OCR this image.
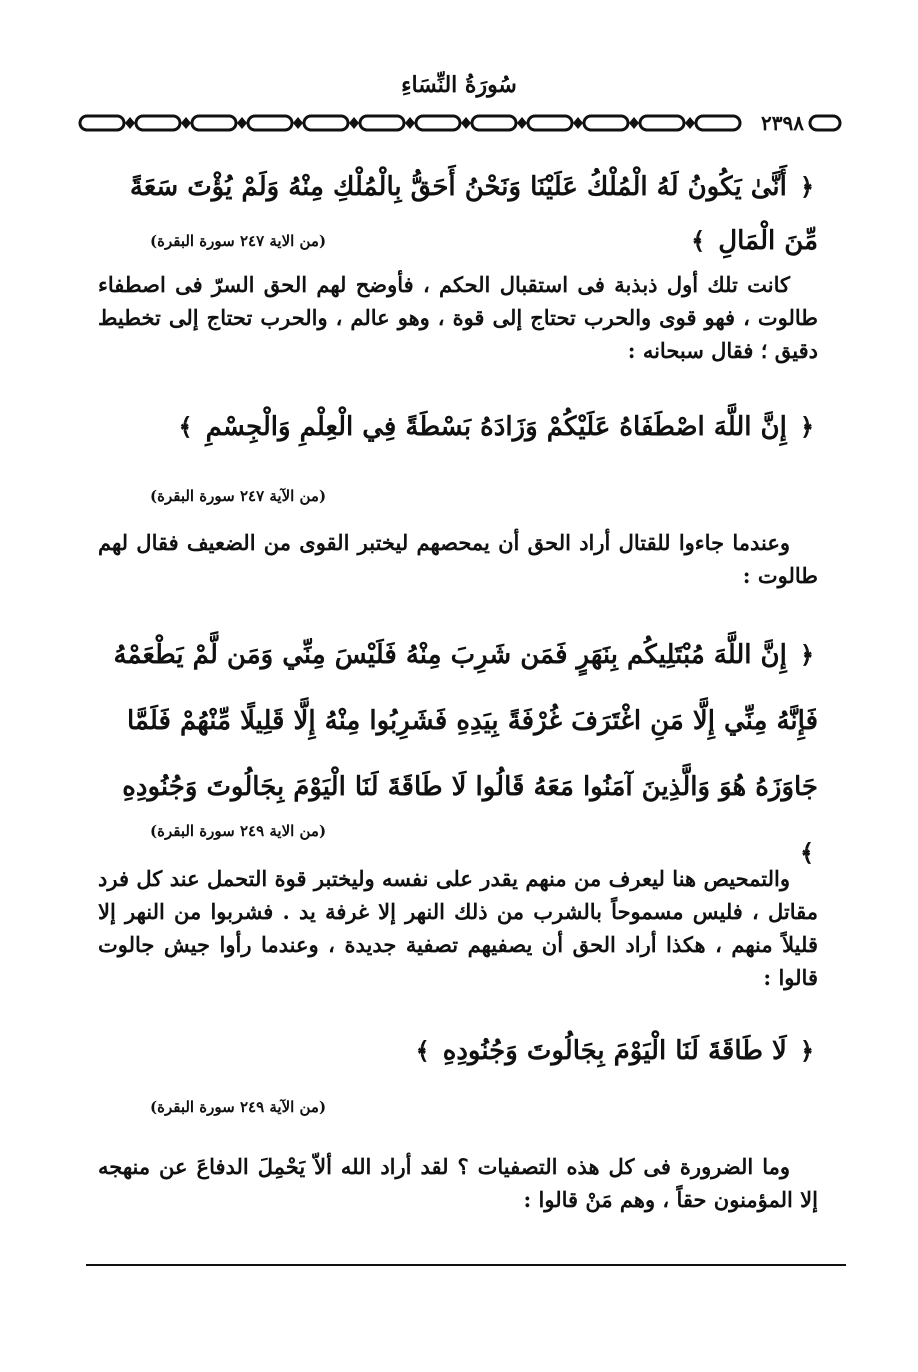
سُورَةُ النِّسَاءِ
٢٣٩٨
﴿ أَنَّىٰ يَكُونُ لَهُ الْمُلْكُ عَلَيْنَا وَنَحْنُ أَحَقُّ بِالْمُلْكِ مِنْهُ وَلَمْ يُؤْتَ سَعَةً مِّنَ الْمَالِ ﴾
(من الاية ٢٤٧ سورة البقرة)
كانت تلك أول ذبذبة فى استقبال الحكم ، فأوضح لهم الحق السرّ فى اصطفاء طالوت ، فهو قوى والحرب تحتاج إلى قوة ، وهو عالم ، والحرب تحتاج إلى تخطيط دقيق ؛ فقال سبحانه :
﴿ إِنَّ اللَّهَ اصْطَفَاهُ عَلَيْكُمْ وَزَادَهُ بَسْطَةً فِي الْعِلْمِ وَالْجِسْمِ ﴾
(من الآية ٢٤٧ سورة البقرة)
وعندما جاءوا للقتال أراد الحق أن يمحصهم ليختبر القوى من الضعيف فقال لهم طالوت :
﴿ إِنَّ اللَّهَ مُبْتَلِيكُم بِنَهَرٍ فَمَن شَرِبَ مِنْهُ فَلَيْسَ مِنِّي وَمَن لَّمْ يَطْعَمْهُ فَإِنَّهُ مِنِّي إِلَّا مَنِ اغْتَرَفَ غُرْفَةً بِيَدِهِ فَشَرِبُوا مِنْهُ إِلَّا قَلِيلًا مِّنْهُمْ فَلَمَّا جَاوَزَهُ هُوَ وَالَّذِينَ آمَنُوا مَعَهُ قَالُوا لَا طَاقَةَ لَنَا الْيَوْمَ بِجَالُوتَ وَجُنُودِهِ ﴾
(من الاية ٢٤٩ سورة البقرة)
والتمحيص هنا ليعرف من منهم يقدر على نفسه وليختبر قوة التحمل عند كل فرد مقاتل ، فليس مسموحاً بالشرب من ذلك النهر إلا غرفة يد . فشربوا من النهر إلا قليلاً منهم ، هكذا أراد الحق أن يصفيهم تصفية جديدة ، وعندما رأوا جيش جالوت قالوا :
﴿ لَا طَاقَةَ لَنَا الْيَوْمَ بِجَالُوتَ وَجُنُودِهِ ﴾
(من الآية ٢٤٩ سورة البقرة)
وما الضرورة فى كل هذه التصفيات ؟ لقد أراد الله ألاّ يَحْمِلَ الدفاعَ عن منهجه إلا المؤمنون حقاً ، وهم مَنْ قالوا :
